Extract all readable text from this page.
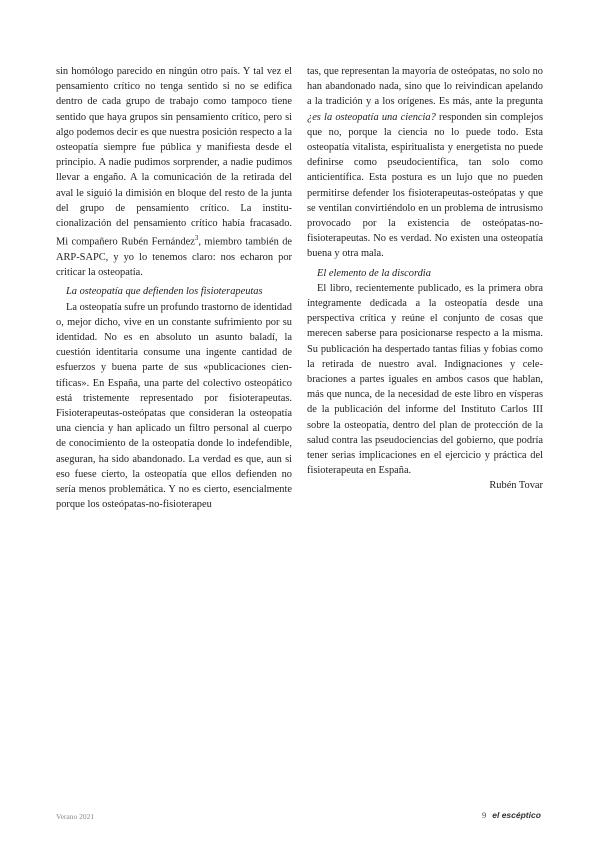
sin homólogo parecido en ningún otro país. Y tal vez el pensamiento crítico no tenga sentido si no se edifica dentro de cada grupo de trabajo como tampoco tiene sentido que haya grupos sin pensamiento crítico, pero si algo podemos decir es que nuestra posición respecto a la osteopatía siempre fue pública y manifiesta desde el principio. A nadie pudimos sorprender, a nadie pudimos llevar a engaño. A la comunicación de la retirada del aval le siguió la dimisión en bloque del resto de la junta del grupo de pensamiento crítico. La institucionalización del pensamiento crítico había fracasado. Mi compañero Rubén Fernández$^3$, miembro también de ARP-SAPC, y yo lo tenemos claro: nos echaron por criticar la osteopatía.

La osteopatía que defienden los fisioterapeutas

La osteopatía sufre un profundo trastorno de identidad o, mejor dicho, vive en un constante sufrimiento por su identidad. No es en absoluto un asunto baladí, la cuestión identitaria consume una ingente cantidad de esfuerzos y buena parte de sus «publicaciones científicas». En España, una parte del colectivo osteopático está tristemente representado por fisioterapeutas. Fisioterapeutas-osteópatas que consideran la osteopatía una ciencia y han aplicado un filtro personal al cuerpo de conocimiento de la osteopatía donde lo indefendible, aseguran, ha sido abandonado. La verdad es que, aun si eso fuese cierto, la osteopatía que ellos defienden no sería menos problemática. Y no es cierto, esencialmente porque los osteópatas-no-fisioterapeu

tas, que representan la mayoría de osteópatas, no solo no han abandonado nada, sino que lo reivindican apelando a la tradición y a los orígenes. Es más, ante la pregunta ¿es la osteopatía una ciencia? responden sin complejos que no, porque la ciencia no lo puede todo. Esta osteopatía vitalista, espiritualista y energetista no puede definirse como pseudocientífica, tan solo como anticientífica. Esta postura es un lujo que no pueden permitirse defender los fisioterapeutas-osteópatas y que se ventilan convirtiéndolo en un problema de intrusismo provocado por la existencia de osteópatas-no-fisioterapeutas. No es verdad. No existen una osteopatía buena y otra mala.

El elemento de la discordia

El libro, recientemente publicado, es la primera obra íntegramente dedicada a la osteopatía desde una perspectiva crítica y reúne el conjunto de cosas que merecen saberse para posicionarse respecto a la misma. Su publicación ha despertado tantas filias y fobias como la retirada de nuestro aval. Indignaciones y celebraciones a partes iguales en ambos casos que hablan, más que nunca, de la necesidad de este libro en vísperas de la publicación del informe del Instituto Carlos III sobre la osteopatía, dentro del plan de protección de la salud contra las pseudociencias del gobierno, que podría tener serias implicaciones en el ejercicio y práctica del fisioterapeuta en España.

Rubén Tovar

Verano 2021	9 el escéptico
